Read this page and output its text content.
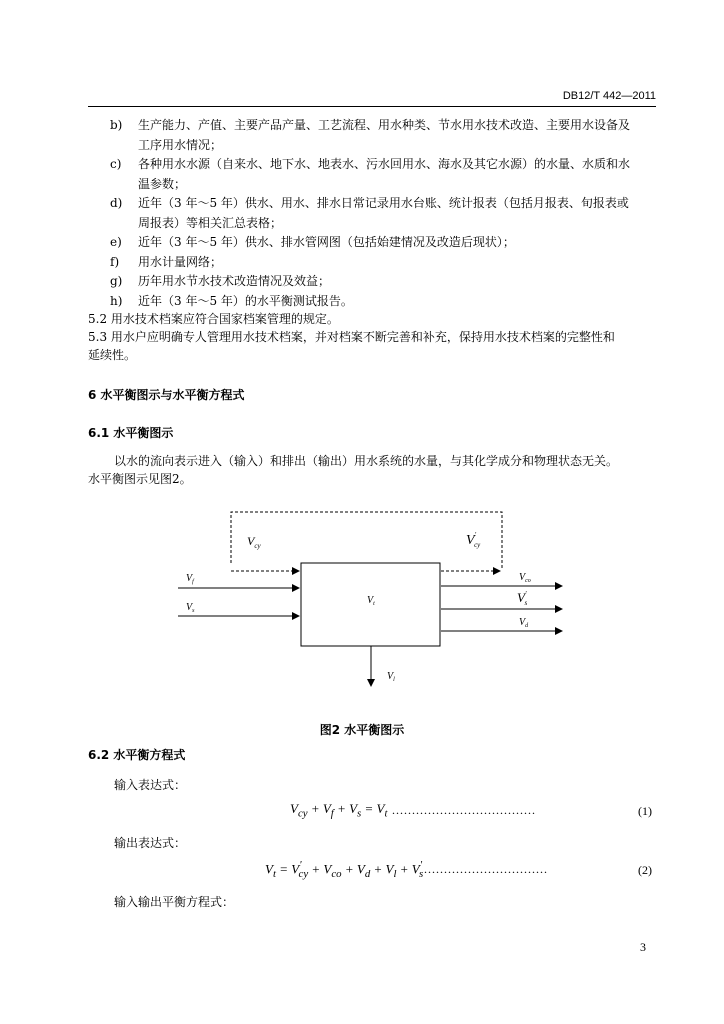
DB12/T 442—2011
b) 生产能力、产值、主要产品产量、工艺流程、用水种类、节水用水技术改造、主要用水设备及
工序用水情况；
c) 各种用水水源（自来水、地下水、地表水、污水回用水、海水及其它水源）的水量、水质和水
温参数；
d) 近年（3 年～5 年）供水、用水、排水日常记录用水台账、统计报表（包括月报表、旬报表或
周报表）等相关汇总表格；
e) 近年（3 年～5 年）供水、排水管网图（包括始建情况及改造后现状）；
f) 用水计量网络；
g) 历年用水节水技术改造情况及效益；
h) 近年（3 年～5 年）的水平衡测试报告。
5.2 用水技术档案应符合国家档案管理的规定。
5.3 用水户应明确专人管理用水技术档案，并对档案不断完善和补充，保持用水技术档案的完整性和
延续性。
6 水平衡图示与水平衡方程式
6.1 水平衡图示
以水的流向表示进入（输入）和排出（输出）用水系统的水量，与其化学成分和物理状态无关。
水平衡图示见图2。
$V_{cy}$	V' cy
$V_f$
$V_s$
$V_t$
$V_{co}$
V' s
$V_d$
$V_l$
图2 水平衡图示
6.2 水平衡方程式
输入表达式：
$V_{cy} + V_f + V_s = V_t$ ....................................	(1)
输出表达式：
$V_t = V'_{cy} + V_{co} + V_d + V_l + V'_s$ ...............................	(2)
输入输出平衡方程式：
3
